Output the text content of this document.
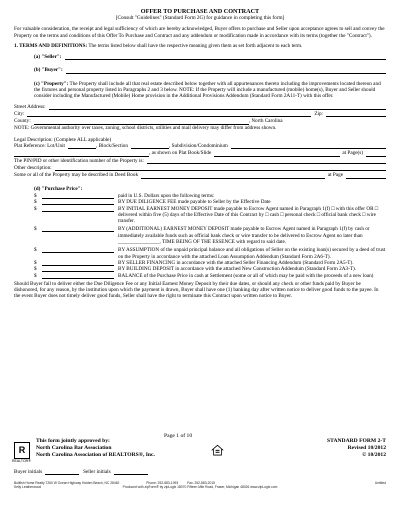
OFFER TO PURCHASE AND CONTRACT
[Consult "Guidelines" (Standard Form 2G) for guidance in completing this form]

For valuable consideration, the receipt and legal sufficiency of which are hereby acknowledged, Buyer offers to purchase and Seller upon acceptance agrees to sell and convey the Property on the terms and conditions of this Offer To Purchase and Contract and any addendum or modification made in accordance with its terms (together the "Contract").

1. TERMS AND DEFINITIONS: The terms listed below shall have the respective meaning given them as set forth adjacent to each term.

(a) "Seller":
(b) "Buyer":

(c) "Property": The Property shall include all that real estate described below together with all appurtenances thereto including the improvements located thereon and the fixtures and personal property listed in Paragraphs 2 and 3 below. NOTE: If the Property will include a manufactured (mobile) home(s), Buyer and Seller should consider including the Manufactured (Mobile) Home provision in the Additional Provisions Addendum (Standard Form 2A11-T) with this offer.

Street Address:
City:	Zip:
County:	, North Carolina

NOTE: Governmental authority over taxes, zoning, school districts, utilities and mail delivery may differ from address shown.

Legal Description: (Complete ALL applicable)

Plat Reference: Lot/Unit	, Block/Section	, Subdivision/Condominium
, as shown on Plat Book/Slide	at Page(s)
The PIN/PID or other identification number of the Property is:
Other description:
Some or all of the Property may be described in Deed Book	at Page
(d) "Purchase Price":
$	paid in U.S. Dollars upon the following terms:
$	BY DUE DILIGENCE FEE made payable to Seller by the Effective Date
$	BY INITIAL EARNEST MONEY DEPOSIT made payable to Escrow Agent named in Paragraph 1(f) □ with this offer OR □ delivered within five (5) days of the Effective Date of this Contract by □ cash □ personal check □ official bank check □ wire transfer.
$	BY (ADDITIONAL) EARNEST MONEY DEPOSIT made payable to Escrow Agent named in Paragraph 1(f) by cash or immediately available funds such as official bank check or wire transfer to be delivered to Escrow Agent no later than ________________, TIME BEING OF THE ESSENCE with regard to said date.
$	BY ASSUMPTION of the unpaid principal balance and all obligations of Seller on the existing loan(s) secured by a deed of trust on the Property in accordance with the attached Loan Assumption Addendum (Standard Form 2A6-T).
$	BY SELLER FINANCING in accordance with the attached Seller Financing Addendum (Standard Form 2A5-T).
$	BY BUILDING DEPOSIT in accordance with the attached New Construction Addendum (Standard Form 2A3-T).
$	BALANCE of the Purchase Price in cash at Settlement (some or all of which may be paid with the proceeds of a new loan)

Should Buyer fail to deliver either the Due Diligence Fee or any Initial Earnest Money Deposit by their due dates, or should any check or other funds paid by Buyer be dishonored, for any reason, by the institution upon which the payment is drawn, Buyer shall have one (1) banking day after written notice to deliver good funds to the payee. In the event Buyer does not timely deliver good funds, Seller shall have the right to terminate this Contract upon written notice to Buyer.

Page 1 of 10
R
REALTOR®
This form jointly approved by:
North Carolina Bar Association
North Carolina Association of REALTORS®, Inc.
STANDARD FORM 2-T
Revised 10/2012
© 10/2012
Buyer initials	Seller initials
Bullfish Home Realty 7260 W Ocean Highway Holden Beach, NC 28462	Phone: 252-883-1093	Fax: 252-883-2015	Untitled
Produced with zipForm® by zipLogix 18070 Fifteen Mile Road, Fraser, Michigan 48026 www.zipLogix.com
Kelly Leatherwood
